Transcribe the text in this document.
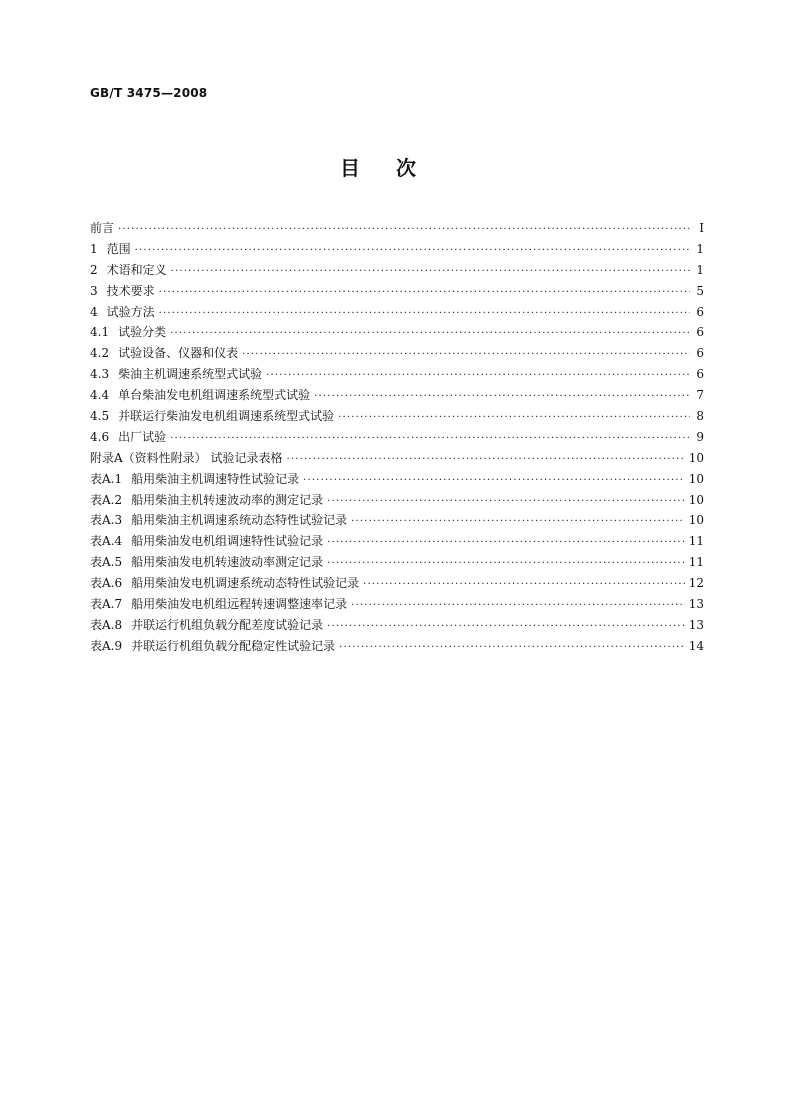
GB/T 3475—2008
目次
前言 ·····	I
1 范围 ·····	1
2 术语和定义 ·····	1
3 技术要求 ·····	5
4 试验方法 ·····	6
4.1 试验分类 ·····	6
4.2 试验设备、仪器和仪表 ·····	6
4.3 柴油主机调速系统型式试验 ·····	6
4.4 单台柴油发电机组调速系统型式试验 ·····	7
4.5 并联运行柴油发电机组调速系统型式试验 ·····	8
4.6 出厂试验 ·····	9
附录A（资料性附录） 试验记录表格 ·····	10
表A.1 船用柴油主机调速特性试验记录 ·····	10
表A.2 船用柴油主机转速波动率的测定记录 ·····	10
表A.3 船用柴油主机调速系统动态特性试验记录 ·····	10
表A.4 船用柴油发电机组调速特性试验记录 ·····	11
表A.5 船用柴油发电机转速波动率测定记录 ·····	11
表A.6 船用柴油发电机调速系统动态特性试验记录 ·····	12
表A.7 船用柴油发电机组远程转速调整速率记录 ·····	13
表A.8 并联运行机组负载分配差度试验记录 ·····	13
表A.9 并联运行机组负载分配稳定性试验记录 ·····	14
